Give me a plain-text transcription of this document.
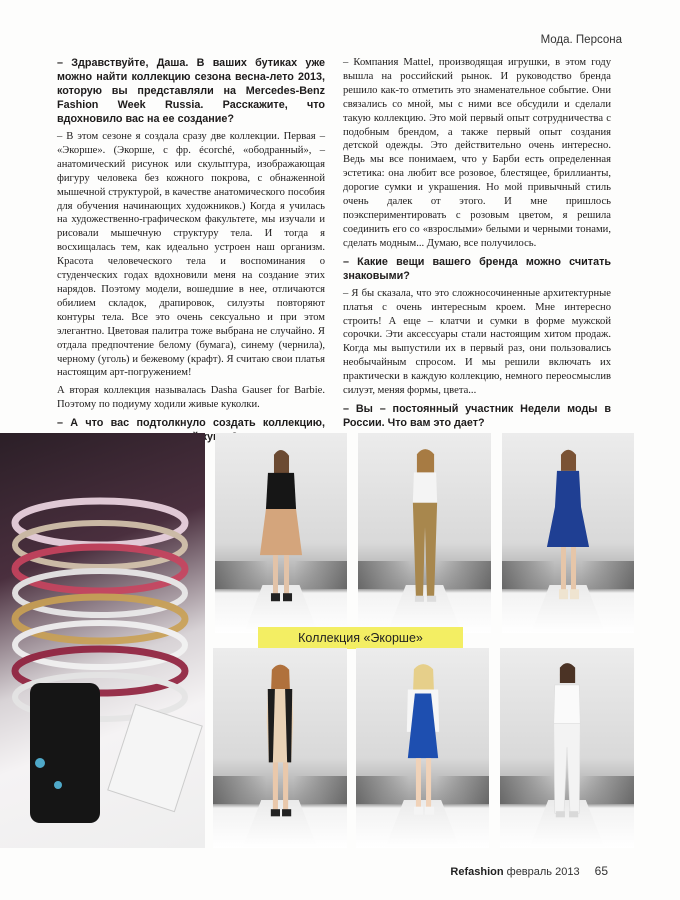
Мода. Персона

– Здравствуйте, Даша. В ваших бутиках уже можно найти коллекцию сезона весна-лето 2013, которую вы представляли на Mercedes-Benz Fashion Week Russia. Расскажите, что вдохновило вас на ее создание?

– В этом сезоне я создала сразу две коллекции. Первая – «Экорше». (Экорше, с фр. écorché, «ободранный», – анатомический рисунок или скульптура, изображающая фигуру человека без кожного покрова, с обнаженной мышечной структурой, в качестве анатомического пособия для обучения начинающих художников.) Когда я училась на художественно-графическом факультете, мы изучали и рисовали мышечную структуру тела. И тогда я восхищалась тем, как идеально устроен наш организм. Красота человеческого тела и воспоминания о студенческих годах вдохновили меня на создание этих нарядов. Поэтому модели, вошедшие в нее, отличаются обилием складок, драпировок, силуэты повторяют контуры тела. Все это очень сексуально и при этом элегантно. Цветовая палитра тоже выбрана не случайно. Я отдала предпочтение белому (бумага), синему (чернила), черному (уголь) и бежевому (крафт). Я считаю свои платья настоящим арт-погружением!

А вторая коллекция называлась Dasha Gauser for Barbie. Поэтому по подиуму ходили живые куколки.

– А что вас подтолкнуло создать коллекцию,

– Компания Mattel, производящая игрушки, в этом году вышла на российский рынок. И руководство бренда решило как-то отметить это знаменательное событие. Они связались со мной, мы с ними все обсудили и сделали такую коллекцию. Это мой первый опыт сотрудничества с подобным брендом, а также первый опыт создания детской одежды. Это действительно очень интересно. Ведь мы все понимаем, что у Барби есть определенная эстетика: она любит все розовое, блестящее, бриллианты, дорогие сумки и украшения. Но мой привычный стиль очень далек от этого. И мне пришлось поэкспериментировать с розовым цветом, я решила соединить его со «взрослыми» белыми и черными тонами, сделать модным... Думаю, все получилось.

– Какие вещи вашего бренда можно считать знаковыми?

– Я бы сказала, что это сложносочиненные архитектурные платья с очень интересным кроем. Мне интересно строить! А еще – клатчи и сумки в форме мужской сорочки. Эти аксессуары стали настоящим хитом продаж. Когда мы выпустили их в первый раз, они пользовались необычайным спросом. И мы решили включать их практически в каждую коллекцию, немного переосмыслив силуэт, меняя формы, цвета...

– Вы – постоянный участник Недели моды в России. Что вам это дает?

Коллекция «Экорше»
Refashion февраль 2013 65
